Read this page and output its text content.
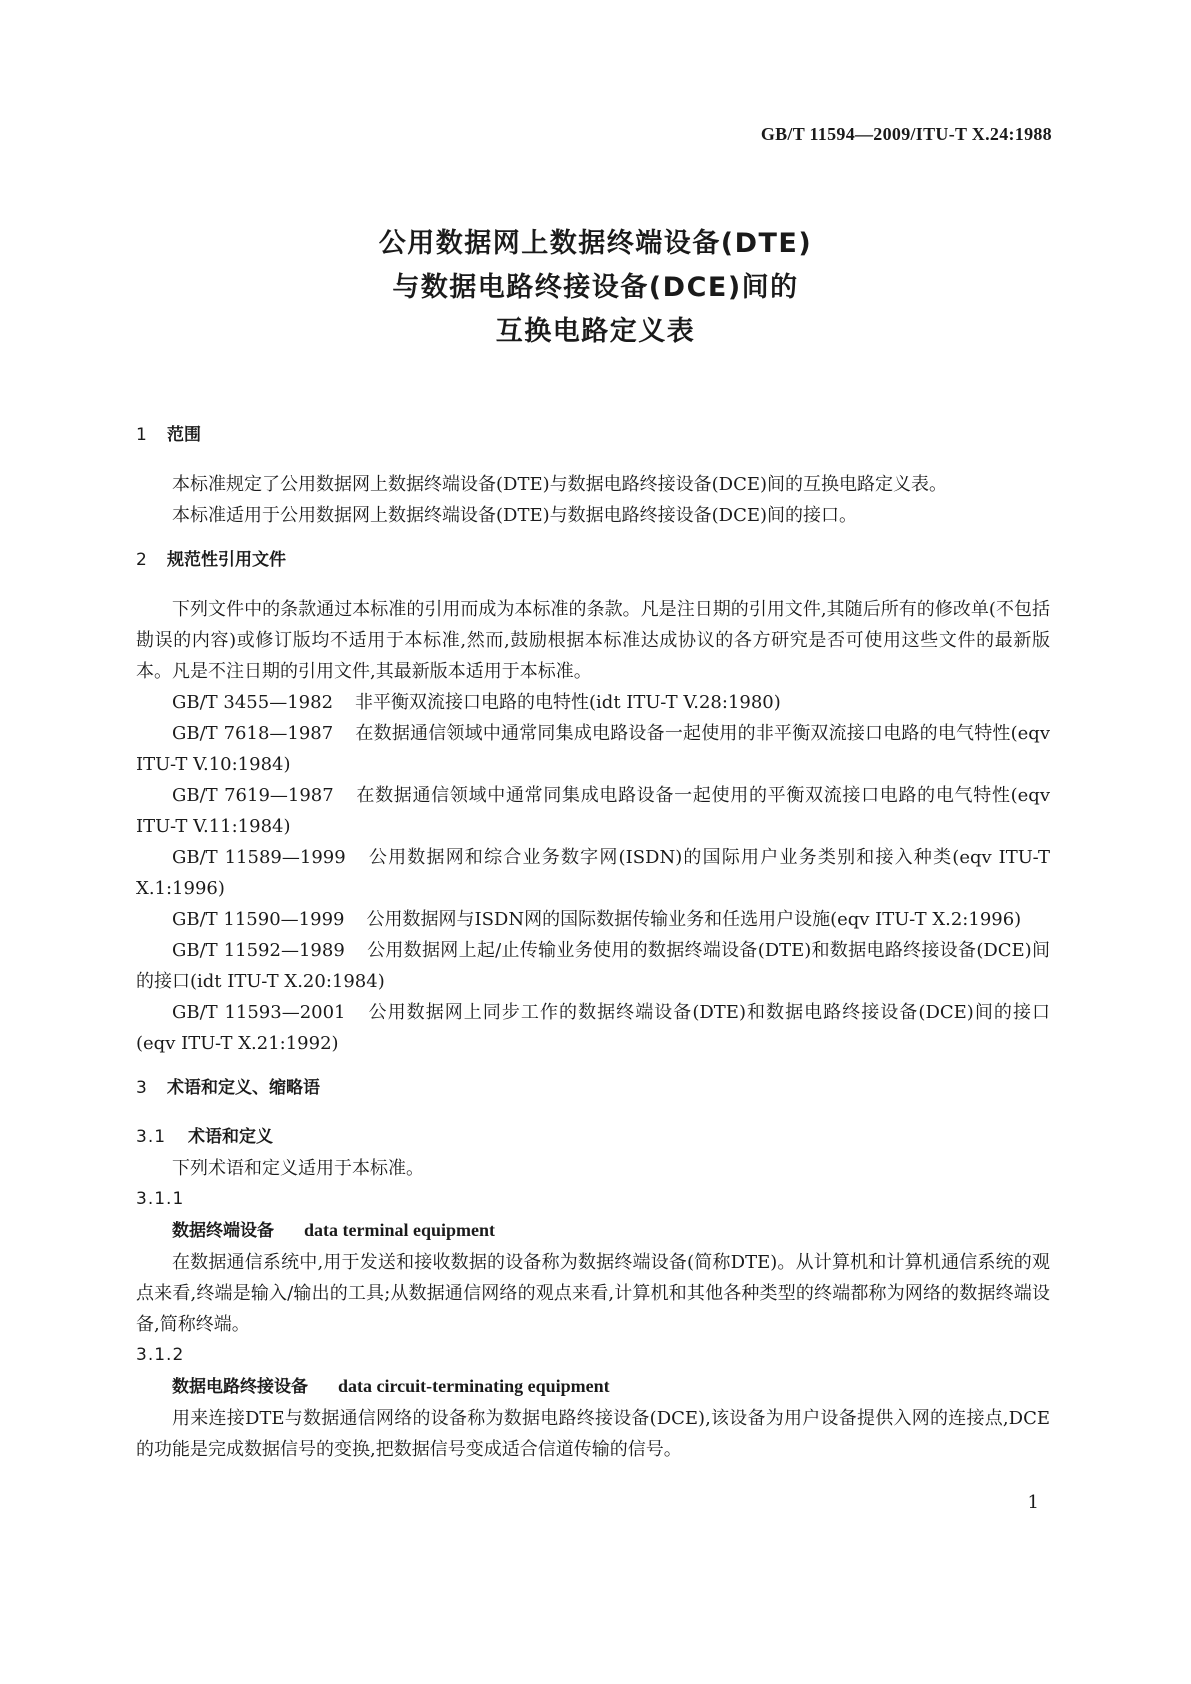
GB/T 11594—2009/ITU-T X.24:1988
公用数据网上数据终端设备(DTE)
与数据电路终接设备(DCE)间的
互换电路定义表
1 范围

本标准规定了公用数据网上数据终端设备(DTE)与数据电路终接设备(DCE)间的互换电路定义表。

本标准适用于公用数据网上数据终端设备(DTE)与数据电路终接设备(DCE)间的接口。

2 规范性引用文件

下列文件中的条款通过本标准的引用而成为本标准的条款。凡是注日期的引用文件,其随后所有的修改单(不包括勘误的内容)或修订版均不适用于本标准,然而,鼓励根据本标准达成协议的各方研究是否可使用这些文件的最新版本。凡是不注日期的引用文件,其最新版本适用于本标准。

GB/T 3455—1982 非平衡双流接口电路的电特性(idt ITU-T V.28:1980)

GB/T 7618—1987 在数据通信领域中通常同集成电路设备一起使用的非平衡双流接口电路的电气特性(eqv ITU-T V.10:1984)

GB/T 7619—1987 在数据通信领域中通常同集成电路设备一起使用的平衡双流接口电路的电气特性(eqv ITU-T V.11:1984)

GB/T 11589—1999 公用数据网和综合业务数字网(ISDN)的国际用户业务类别和接入种类(eqv ITU-T X.1:1996)

GB/T 11590—1999 公用数据网与ISDN网的国际数据传输业务和任选用户设施(eqv ITU-T X.2:1996)

GB/T 11592—1989 公用数据网上起/止传输业务使用的数据终端设备(DTE)和数据电路终接设备(DCE)间的接口(idt ITU-T X.20:1984)

GB/T 11593—2001 公用数据网上同步工作的数据终端设备(DTE)和数据电路终接设备(DCE)间的接口(eqv ITU-T X.21:1992)

3 术语和定义、缩略语
3.1 术语和定义

下列术语和定义适用于本标准。

3.1.1
数据终端设备 data terminal equipment

在数据通信系统中,用于发送和接收数据的设备称为数据终端设备(简称DTE)。从计算机和计算机通信系统的观点来看,终端是输入/输出的工具;从数据通信网络的观点来看,计算机和其他各种类型的终端都称为网络的数据终端设备,简称终端。

3.1.2
数据电路终接设备 data circuit-terminating equipment

用来连接DTE与数据通信网络的设备称为数据电路终接设备(DCE),该设备为用户设备提供入网的连接点,DCE的功能是完成数据信号的变换,把数据信号变成适合信道传输的信号。

1
